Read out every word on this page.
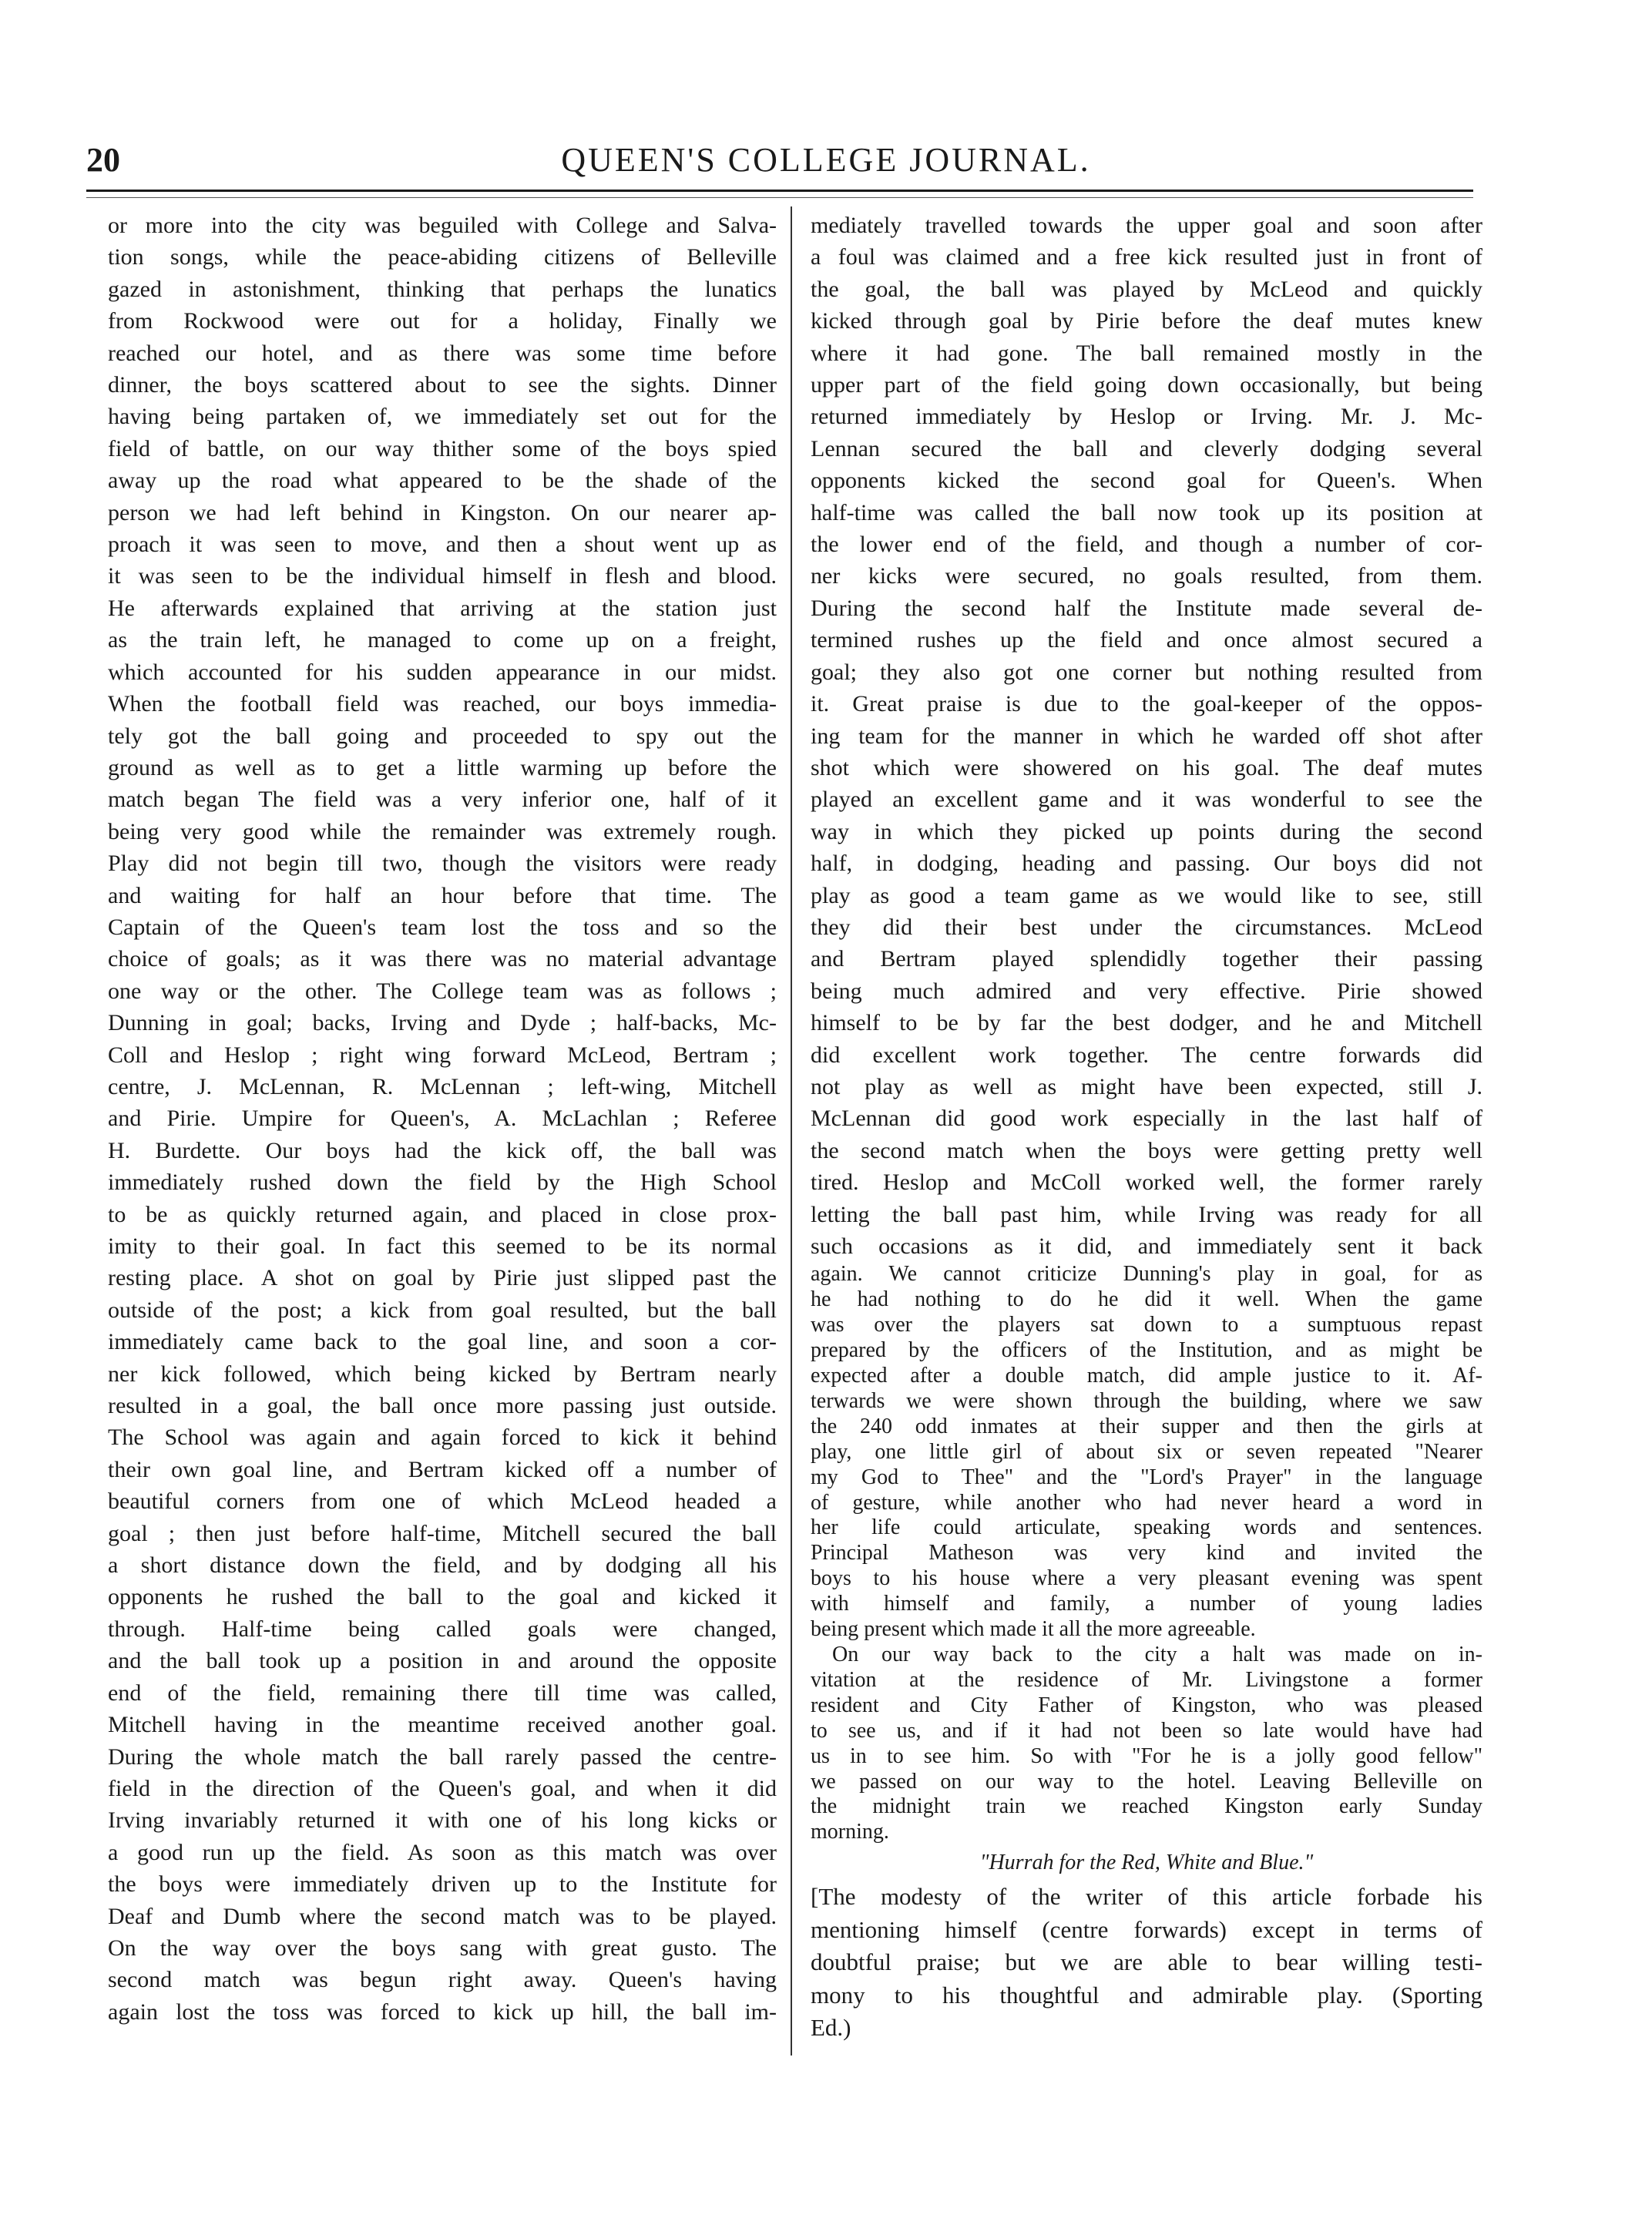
20	QUEEN'S COLLEGE JOURNAL.
or more into the city was beguiled with College and Salva-
tion songs, while the peace-abiding citizens of Belleville
gazed in astonishment, thinking that perhaps the lunatics
from Rockwood were out for a holiday, Finally we
reached our hotel, and as there was some time before
dinner, the boys scattered about to see the sights. Dinner
having being partaken of, we immediately set out for the
field of battle, on our way thither some of the boys spied
away up the road what appeared to be the shade of the
person we had left behind in Kingston. On our nearer ap-
proach it was seen to move, and then a shout went up as
it was seen to be the individual himself in flesh and blood.
He afterwards explained that arriving at the station just
as the train left, he managed to come up on a freight,
which accounted for his sudden appearance in our midst.
When the football field was reached, our boys immedia-
tely got the ball going and proceeded to spy out the
ground as well as to get a little warming up before the
match began The field was a very inferior one, half of it
being very good while the remainder was extremely rough.
Play did not begin till two, though the visitors were ready
and waiting for half an hour before that time. The
Captain of the Queen's team lost the toss and so the
choice of goals; as it was there was no material advantage
one way or the other. The College team was as follows ;
Dunning in goal; backs, Irving and Dyde ; half-backs, Mc-
Coll and Heslop ; right wing forward McLeod, Bertram ;
centre, J. McLennan, R. McLennan ; left-wing, Mitchell
and Pirie. Umpire for Queen's, A. McLachlan ; Referee
H. Burdette. Our boys had the kick off, the ball was
immediately rushed down the field by the High School
to be as quickly returned again, and placed in close prox-
imity to their goal. In fact this seemed to be its normal
resting place. A shot on goal by Pirie just slipped past the
outside of the post; a kick from goal resulted, but the ball
immediately came back to the goal line, and soon a cor-
ner kick followed, which being kicked by Bertram nearly
resulted in a goal, the ball once more passing just outside.
The School was again and again forced to kick it behind
their own goal line, and Bertram kicked off a number of
beautiful corners from one of which McLeod headed a
goal ; then just before half-time, Mitchell secured the ball
a short distance down the field, and by dodging all his
opponents he rushed the ball to the goal and kicked it
through. Half-time being called goals were changed,
and the ball took up a position in and around the opposite
end of the field, remaining there till time was called,
Mitchell having in the meantime received another goal.
During the whole match the ball rarely passed the centre-
field in the direction of the Queen's goal, and when it did
Irving invariably returned it with one of his long kicks or
a good run up the field. As soon as this match was over
the boys were immediately driven up to the Institute for
Deaf and Dumb where the second match was to be played.
On the way over the boys sang with great gusto. The
second match was begun right away. Queen's having
again lost the toss was forced to kick up hill, the ball im-
mediately travelled towards the upper goal and soon after
a foul was claimed and a free kick resulted just in front of
the goal, the ball was played by McLeod and quickly
kicked through goal by Pirie before the deaf mutes knew
where it had gone. The ball remained mostly in the
upper part of the field going down occasionally, but being
returned immediately by Heslop or Irving. Mr. J. Mc-
Lennan secured the ball and cleverly dodging several
opponents kicked the second goal for Queen's. When
half-time was called the ball now took up its position at
the lower end of the field, and though a number of cor-
ner kicks were secured, no goals resulted, from them.
During the second half the Institute made several de-
termined rushes up the field and once almost secured a
goal; they also got one corner but nothing resulted from
it. Great praise is due to the goal-keeper of the oppos-
ing team for the manner in which he warded off shot after
shot which were showered on his goal. The deaf mutes
played an excellent game and it was wonderful to see the
way in which they picked up points during the second
half, in dodging, heading and passing. Our boys did not
play as good a team game as we would like to see, still
they did their best under the circumstances. McLeod
and Bertram played splendidly together their passing
being much admired and very effective. Pirie showed
himself to be by far the best dodger, and he and Mitchell
did excellent work together. The centre forwards did
not play as well as might have been expected, still J.
McLennan did good work especially in the last half of
the second match when the boys were getting pretty well
tired. Heslop and McColl worked well, the former rarely
letting the ball past him, while Irving was ready for all
such occasions as it did, and immediately sent it back
again. We cannot criticize Dunning's play in goal, for as
he had nothing to do he did it well. When the game
was over the players sat down to a sumptuous repast
prepared by the officers of the Institution, and as might be
expected after a double match, did ample justice to it. Af-
terwards we were shown through the building, where we saw
the 240 odd inmates at their supper and then the girls at
play, one little girl of about six or seven repeated "Nearer
my God to Thee" and the "Lord's Prayer" in the language
of gesture, while another who had never heard a word in
her life could articulate, speaking words and sentences.
Principal Matheson was very kind and invited the
boys to his house where a very pleasant evening was spent
with himself and family, a number of young ladies
being present which made it all the more agreeable.
On our way back to the city a halt was made on in-
vitation at the residence of Mr. Livingstone a former
resident and City Father of Kingston, who was pleased
to see us, and if it had not been so late would have had
us in to see him. So with "For he is a jolly good fellow"
we passed on our way to the hotel. Leaving Belleville on
the midnight train we reached Kingston early Sunday
morning.
"Hurrah for the Red, White and Blue."
[The modesty of the writer of this article forbade his
mentioning himself (centre forwards) except in terms of
doubtful praise; but we are able to bear willing testi-
mony to his thoughtful and admirable play. (Sporting
Ed.)
